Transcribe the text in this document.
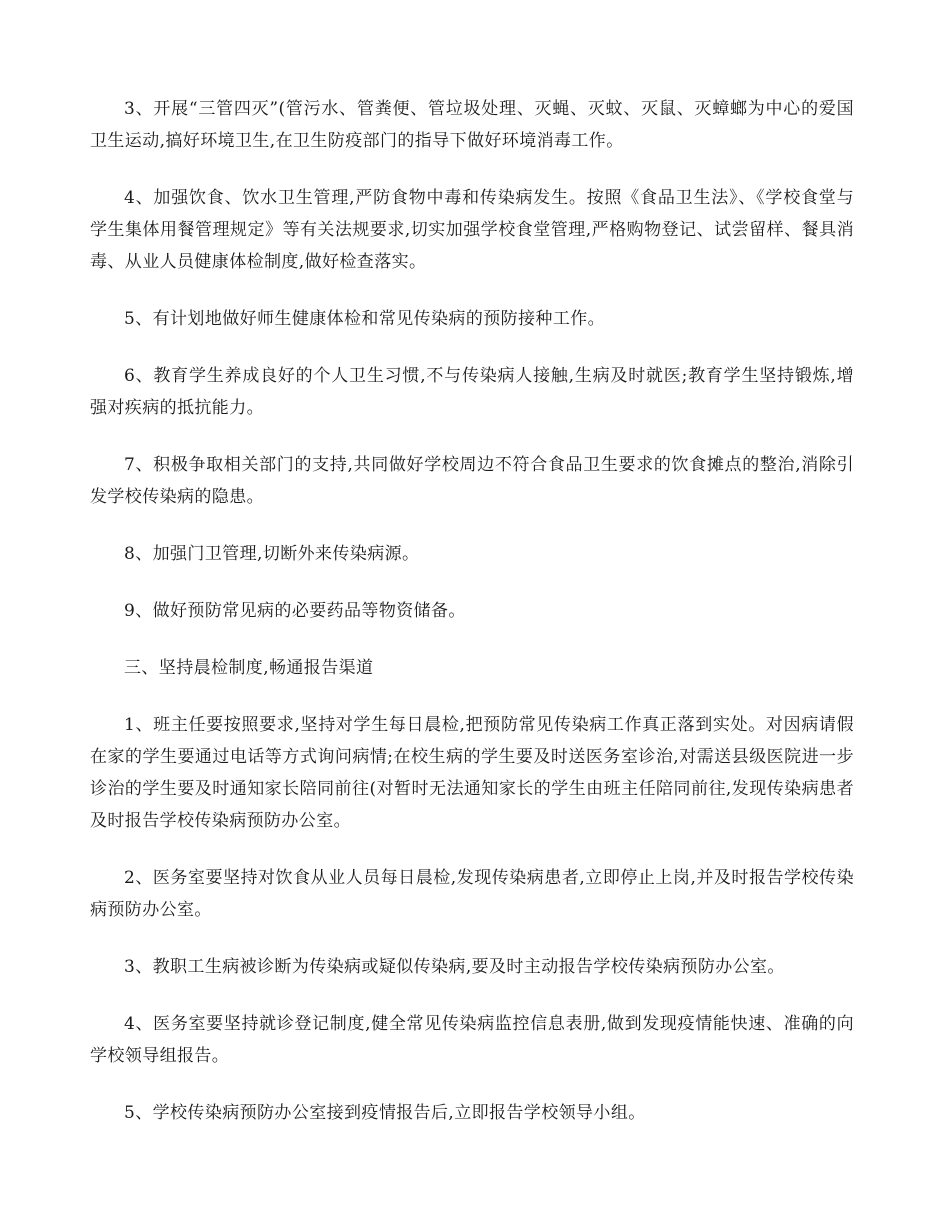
3、开展“三管四灭”(管污水、管粪便、管垃圾处理、灭蝇、灭蚊、灭鼠、灭蟑螂为中心的爱国卫生运动,搞好环境卫生,在卫生防疫部门的指导下做好环境消毒工作。

4、加强饮食、饮水卫生管理,严防食物中毒和传染病发生。按照《食品卫生法》、《学校食堂与学生集体用餐管理规定》等有关法规要求,切实加强学校食堂管理,严格购物登记、试尝留样、餐具消毒、从业人员健康体检制度,做好检查落实。

5、有计划地做好师生健康体检和常见传染病的预防接种工作。

6、教育学生养成良好的个人卫生习惯,不与传染病人接触,生病及时就医;教育学生坚持锻炼,增强对疾病的抵抗能力。

7、积极争取相关部门的支持,共同做好学校周边不符合食品卫生要求的饮食摊点的整治,消除引发学校传染病的隐患。

8、加强门卫管理,切断外来传染病源。

9、做好预防常见病的必要药品等物资储备。

三、坚持晨检制度,畅通报告渠道

1、班主任要按照要求,坚持对学生每日晨检,把预防常见传染病工作真正落到实处。对因病请假在家的学生要通过电话等方式询问病情;在校生病的学生要及时送医务室诊治,对需送县级医院进一步诊治的学生要及时通知家长陪同前往(对暂时无法通知家长的学生由班主任陪同前往,发现传染病患者及时报告学校传染病预防办公室。

2、医务室要坚持对饮食从业人员每日晨检,发现传染病患者,立即停止上岗,并及时报告学校传染病预防办公室。

3、教职工生病被诊断为传染病或疑似传染病,要及时主动报告学校传染病预防办公室。

4、医务室要坚持就诊登记制度,健全常见传染病监控信息表册,做到发现疫情能快速、准确的向学校领导组报告。

5、学校传染病预防办公室接到疫情报告后,立即报告学校领导小组。
